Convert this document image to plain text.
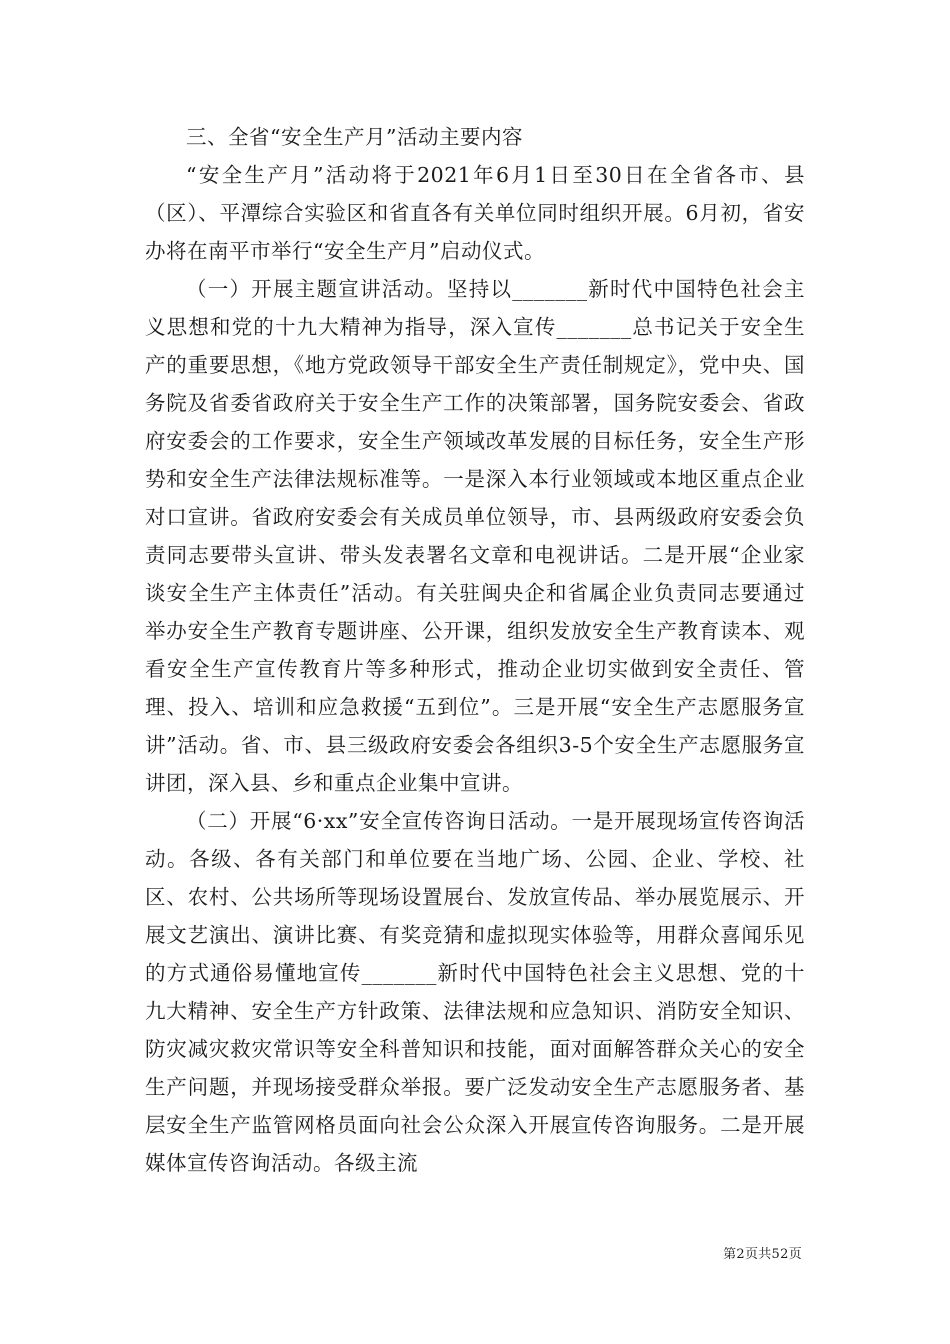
三、全省“安全生产月”活动主要内容

“安全生产月”活动将于2021年6月1日至30日在全省各市、县（区）、平潭综合实验区和省直各有关单位同时组织开展。6月初，省安办将在南平市举行“安全生产月”启动仪式。

（一）开展主题宣讲活动。坚持以_______新时代中国特色社会主义思想和党的十九大精神为指导，深入宣传_______总书记关于安全生产的重要思想，《地方党政领导干部安全生产责任制规定》，党中央、国务院及省委省政府关于安全生产工作的决策部署，国务院安委会、省政府安委会的工作要求，安全生产领域改革发展的目标任务，安全生产形势和安全生产法律法规标准等。一是深入本行业领域或本地区重点企业对口宣讲。省政府安委会有关成员单位领导，市、县两级政府安委会负责同志要带头宣讲、带头发表署名文章和电视讲话。二是开展“企业家谈安全生产主体责任”活动。有关驻闽央企和省属企业负责同志要通过举办安全生产教育专题讲座、公开课，组织发放安全生产教育读本、观看安全生产宣传教育片等多种形式，推动企业切实做到安全责任、管理、投入、培训和应急救援“五到位”。三是开展“安全生产志愿服务宣讲”活动。省、市、县三级政府安委会各组织3-5个安全生产志愿服务宣讲团，深入县、乡和重点企业集中宣讲。

（二）开展“6·xx”安全宣传咨询日活动。一是开展现场宣传咨询活动。各级、各有关部门和单位要在当地广场、公园、企业、学校、社区、农村、公共场所等现场设置展台、发放宣传品、举办展览展示、开展文艺演出、演讲比赛、有奖竞猜和虚拟现实体验等，用群众喜闻乐见的方式通俗易懂地宣传_______新时代中国特色社会主义思想、党的十九大精神、安全生产方针政策、法律法规和应急知识、消防安全知识、防灾减灾救灾常识等安全科普知识和技能，面对面解答群众关心的安全生产问题，并现场接受群众举报。要广泛发动安全生产志愿服务者、基层安全生产监管网格员面向社会公众深入开展宣传咨询服务。二是开展媒体宣传咨询活动。各级主流

第2页共52页
